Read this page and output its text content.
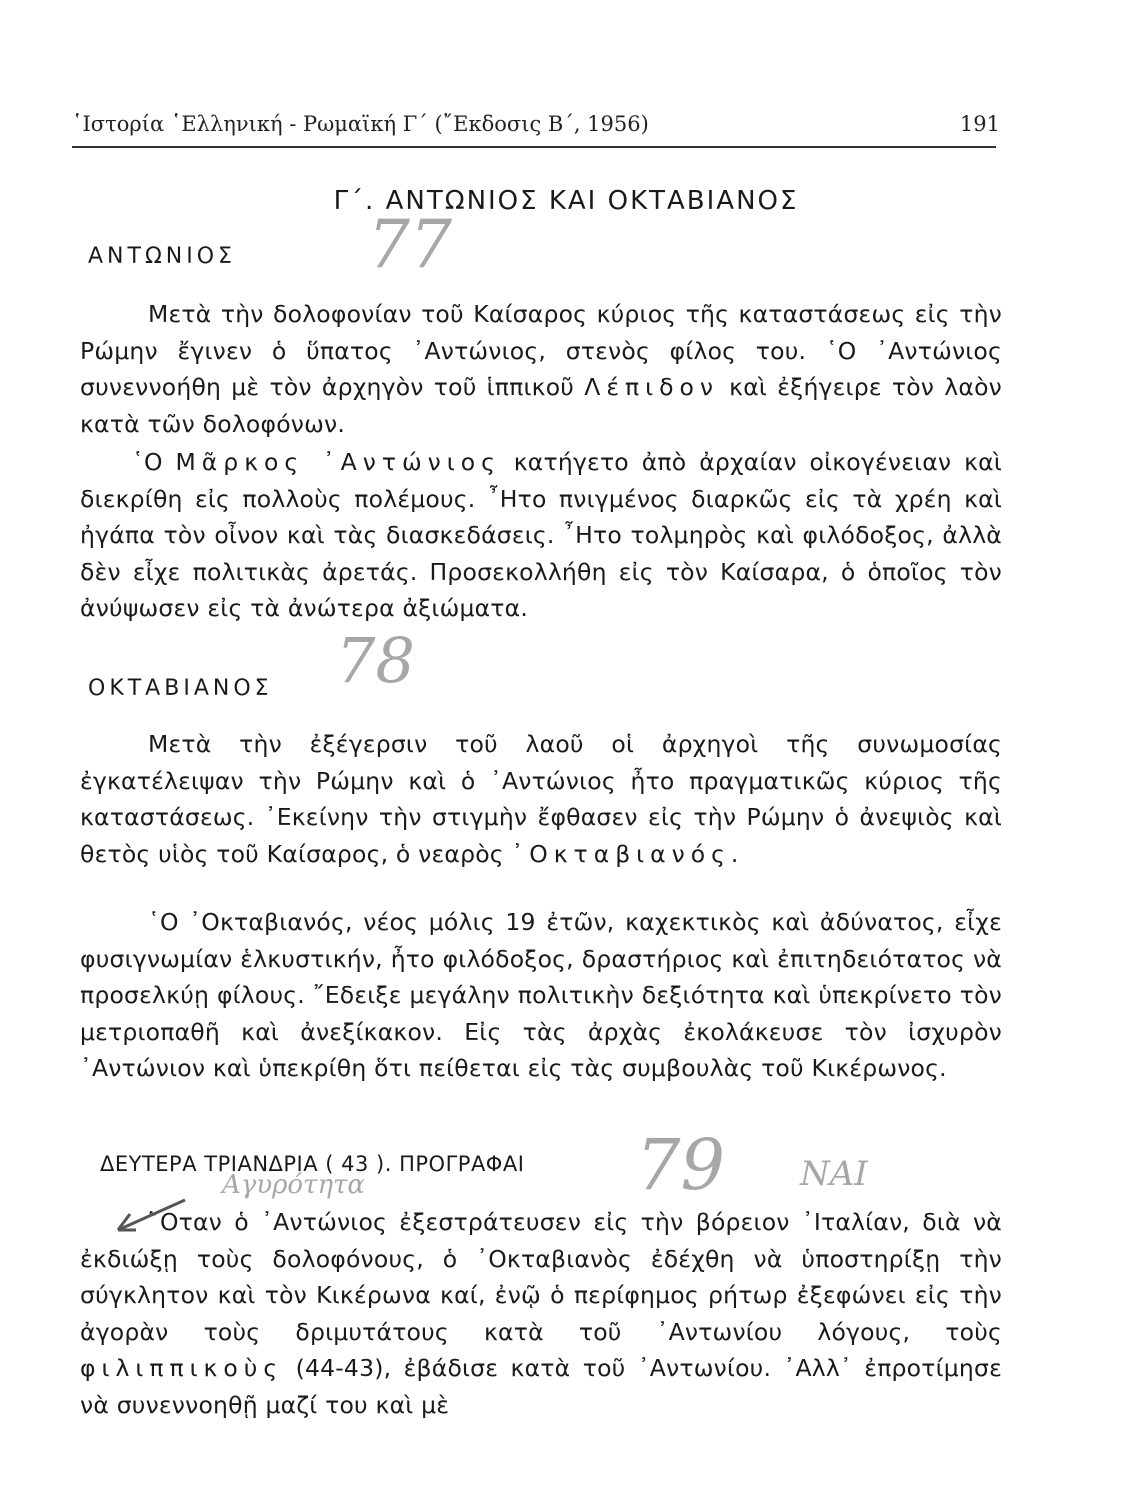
῾Ιστορία ῾Ελληνική - Ρωμαϊκή Γ΄ (῎Εκδοσις Β΄, 1956)	191
Γ΄. ΑΝΤΩΝΙΟΣ ΚΑΙ ΟΚΤΑΒΙΑΝΟΣ
ΑΝΤΩΝΙΟΣ

Μετὰ τὴν δολοφονίαν τοῦ Καίσαρος κύριος τῆς καταστάσεως εἰς τὴν Ρώμην ἔγινεν ὁ ὕπατος ᾿Αντώνιος, στενὸς φίλος του. ῾Ο ᾿Αντώνιος συνεννοήθη μὲ τὸν ἀρχηγὸν τοῦ ἱππικοῦ Λέπιδον καὶ ἐξήγειρε τὸν λαὸν κατὰ τῶν δολοφόνων.

῾Ο Μᾶρκος ᾿Αντώνιος κατήγετο ἀπὸ ἀρχαίαν οἰκογένειαν καὶ διεκρίθη εἰς πολλοὺς πολέμους. ῏Ητο πνιγμένος διαρκῶς εἰς τὰ χρέη καὶ ἠγάπα τὸν οἶνον καὶ τὰς διασκεδάσεις. ῏Ητο τολμηρὸς καὶ φιλόδοξος, ἀλλὰ δὲν εἶχε πολιτικὰς ἀρετάς. Προσεκολλήθη εἰς τὸν Καίσαρα, ὁ ὁποῖος τὸν ἀνύψωσεν εἰς τὰ ἀνώτερα ἀξιώματα.

ΟΚΤΑΒΙΑΝΟΣ

Μετὰ τὴν ἐξέγερσιν τοῦ λαοῦ οἱ ἀρχηγοὶ τῆς συνωμοσίας ἐγκατέλειψαν τὴν Ρώμην καὶ ὁ ᾿Αντώνιος ἦτο πραγματικῶς κύριος τῆς καταστάσεως. ᾿Εκείνην τὴν στιγμὴν ἔφθασεν εἰς τὴν Ρώμην ὁ ἀνεψιὸς καὶ θετὸς υἱὸς τοῦ Καίσαρος, ὁ νεαρὸς ᾿Οκταβιανός.

῾Ο ᾿Οκταβιανός, νέος μόλις 19 ἐτῶν, καχεκτικὸς καὶ ἀδύνατος, εἶχε φυσιγνωμίαν ἑλκυστικήν, ἦτο φιλόδοξος, δραστήριος καὶ ἐπιτηδειότατος νὰ προσελκύῃ φίλους. ῎Εδειξε μεγάλην πολιτικὴν δεξιότητα καὶ ὑπεκρίνετο τὸν μετριοπαθῆ καὶ ἀνεξίκακον. Εἰς τὰς ἀρχὰς ἐκολάκευσε τὸν ἰσχυρὸν ᾿Αντώνιον καὶ ὑπεκρίθη ὅτι πείθεται εἰς τὰς συμβουλὰς τοῦ Κικέρωνος.

ΔΕΥΤΕΡΑ ΤΡΙΑΝΔΡΙΑ ( 43 ). ΠΡΟΓΡΑΦΑΙ

῞Οταν ὁ ᾿Αντώνιος ἐξεστράτευσεν εἰς τὴν βόρειον ᾿Ιταλίαν, διὰ νὰ ἐκδιώξῃ τοὺς δολοφόνους, ὁ ᾿Οκταβιανὸς ἐδέχθη νὰ ὑποστηρίξῃ τὴν σύγκλητον καὶ τὸν Κικέρωνα καί, ἐνῷ ὁ περίφημος ρήτωρ ἐξεφώνει εἰς τὴν ἀγορὰν τοὺς δριμυτάτους κατὰ τοῦ ᾿Αντωνίου λόγους, τοὺς φιλιππικοὺς (44-43), ἐβάδισε κατὰ τοῦ ᾿Αντωνίου. ᾿Αλλ᾿ ἐπροτίμησε νὰ συνεννοηθῇ μαζί του καὶ μὲ

77
78
79 ΝΑΙ
Αγυρότητα
